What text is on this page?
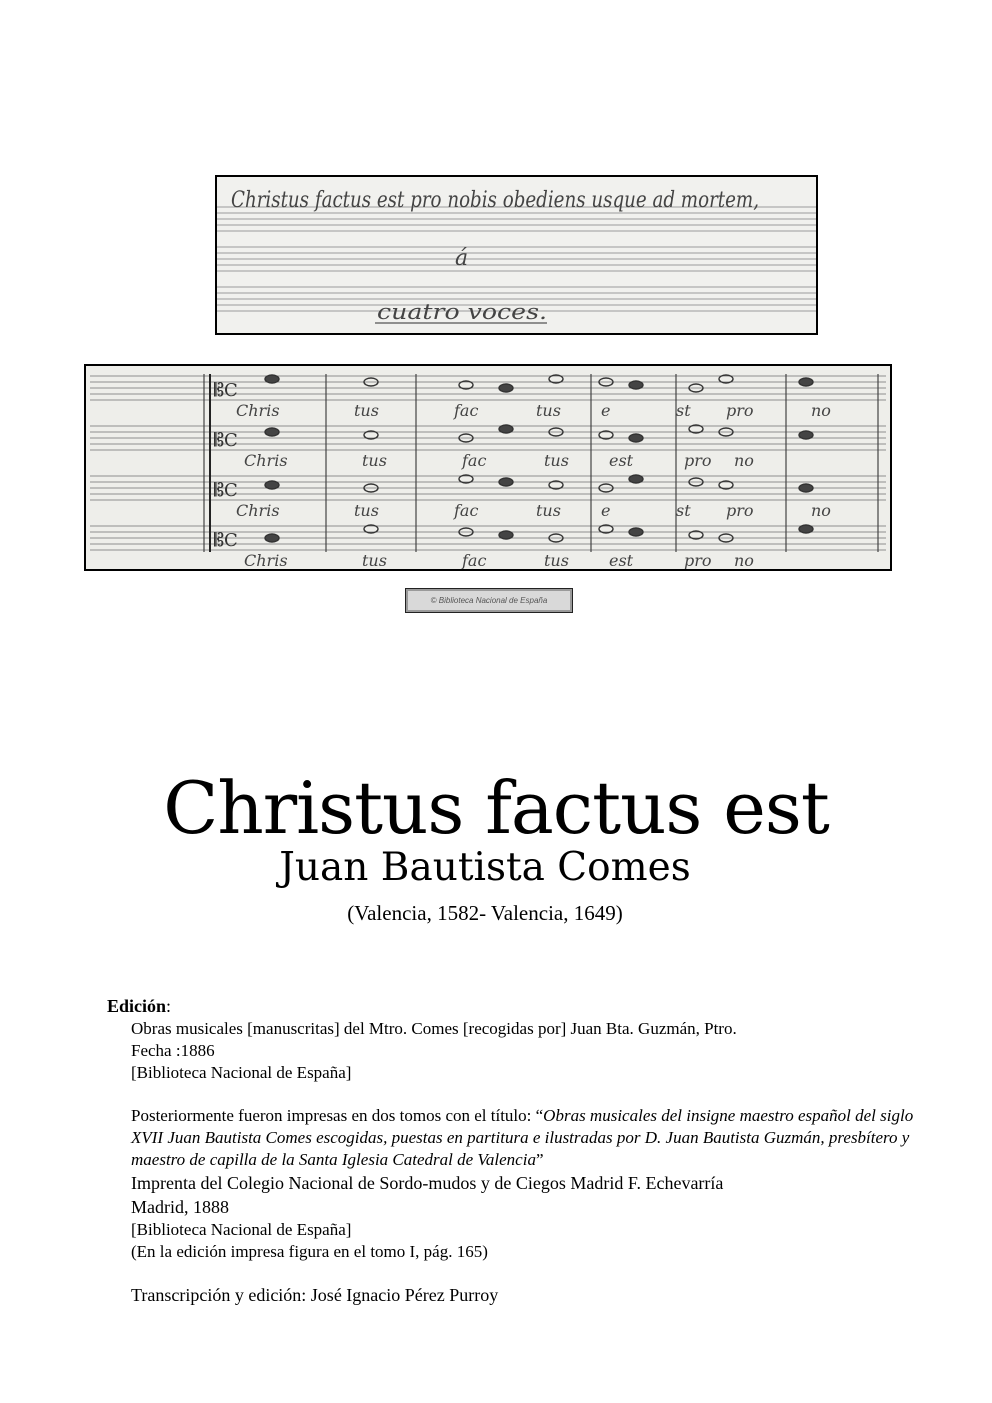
Christus factus est pro nobis obediens usque ad mortem,
á
cuatro voces.
𝄡C
Chris	tus	fac	tus	e	st pro	no
𝄡C
Chris	tus	fac	tus	est	pro no
𝄡C
Chris	tus	fac	tus	e	st pro	no
𝄡C
Chris	tus	fac	tus	est	pro no
© Biblioteca Nacional de España
Christus factus est
Juan Bautista Comes
(Valencia, 1582- Valencia, 1649)
Edición:

Obras musicales [manuscritas] del Mtro. Comes [recogidas por] Juan Bta. Guzmán, Ptro.

Fecha :1886

[Biblioteca Nacional de España]

Posteriormente fueron impresas en dos tomos con el título: “Obras musicales del insigne maestro español del siglo XVII Juan Bautista Comes escogidas, puestas en partitura e ilustradas por D. Juan Bautista Guzmán, presbítero y maestro de capilla de la Santa Iglesia Catedral de Valencia”

Imprenta del Colegio Nacional de Sordo-mudos y de Ciegos Madrid F. Echevarría

Madrid, 1888

[Biblioteca Nacional de España]

(En la edición impresa figura en el tomo I, pág. 165)

Transcripción y edición: José Ignacio Pérez Purroy
